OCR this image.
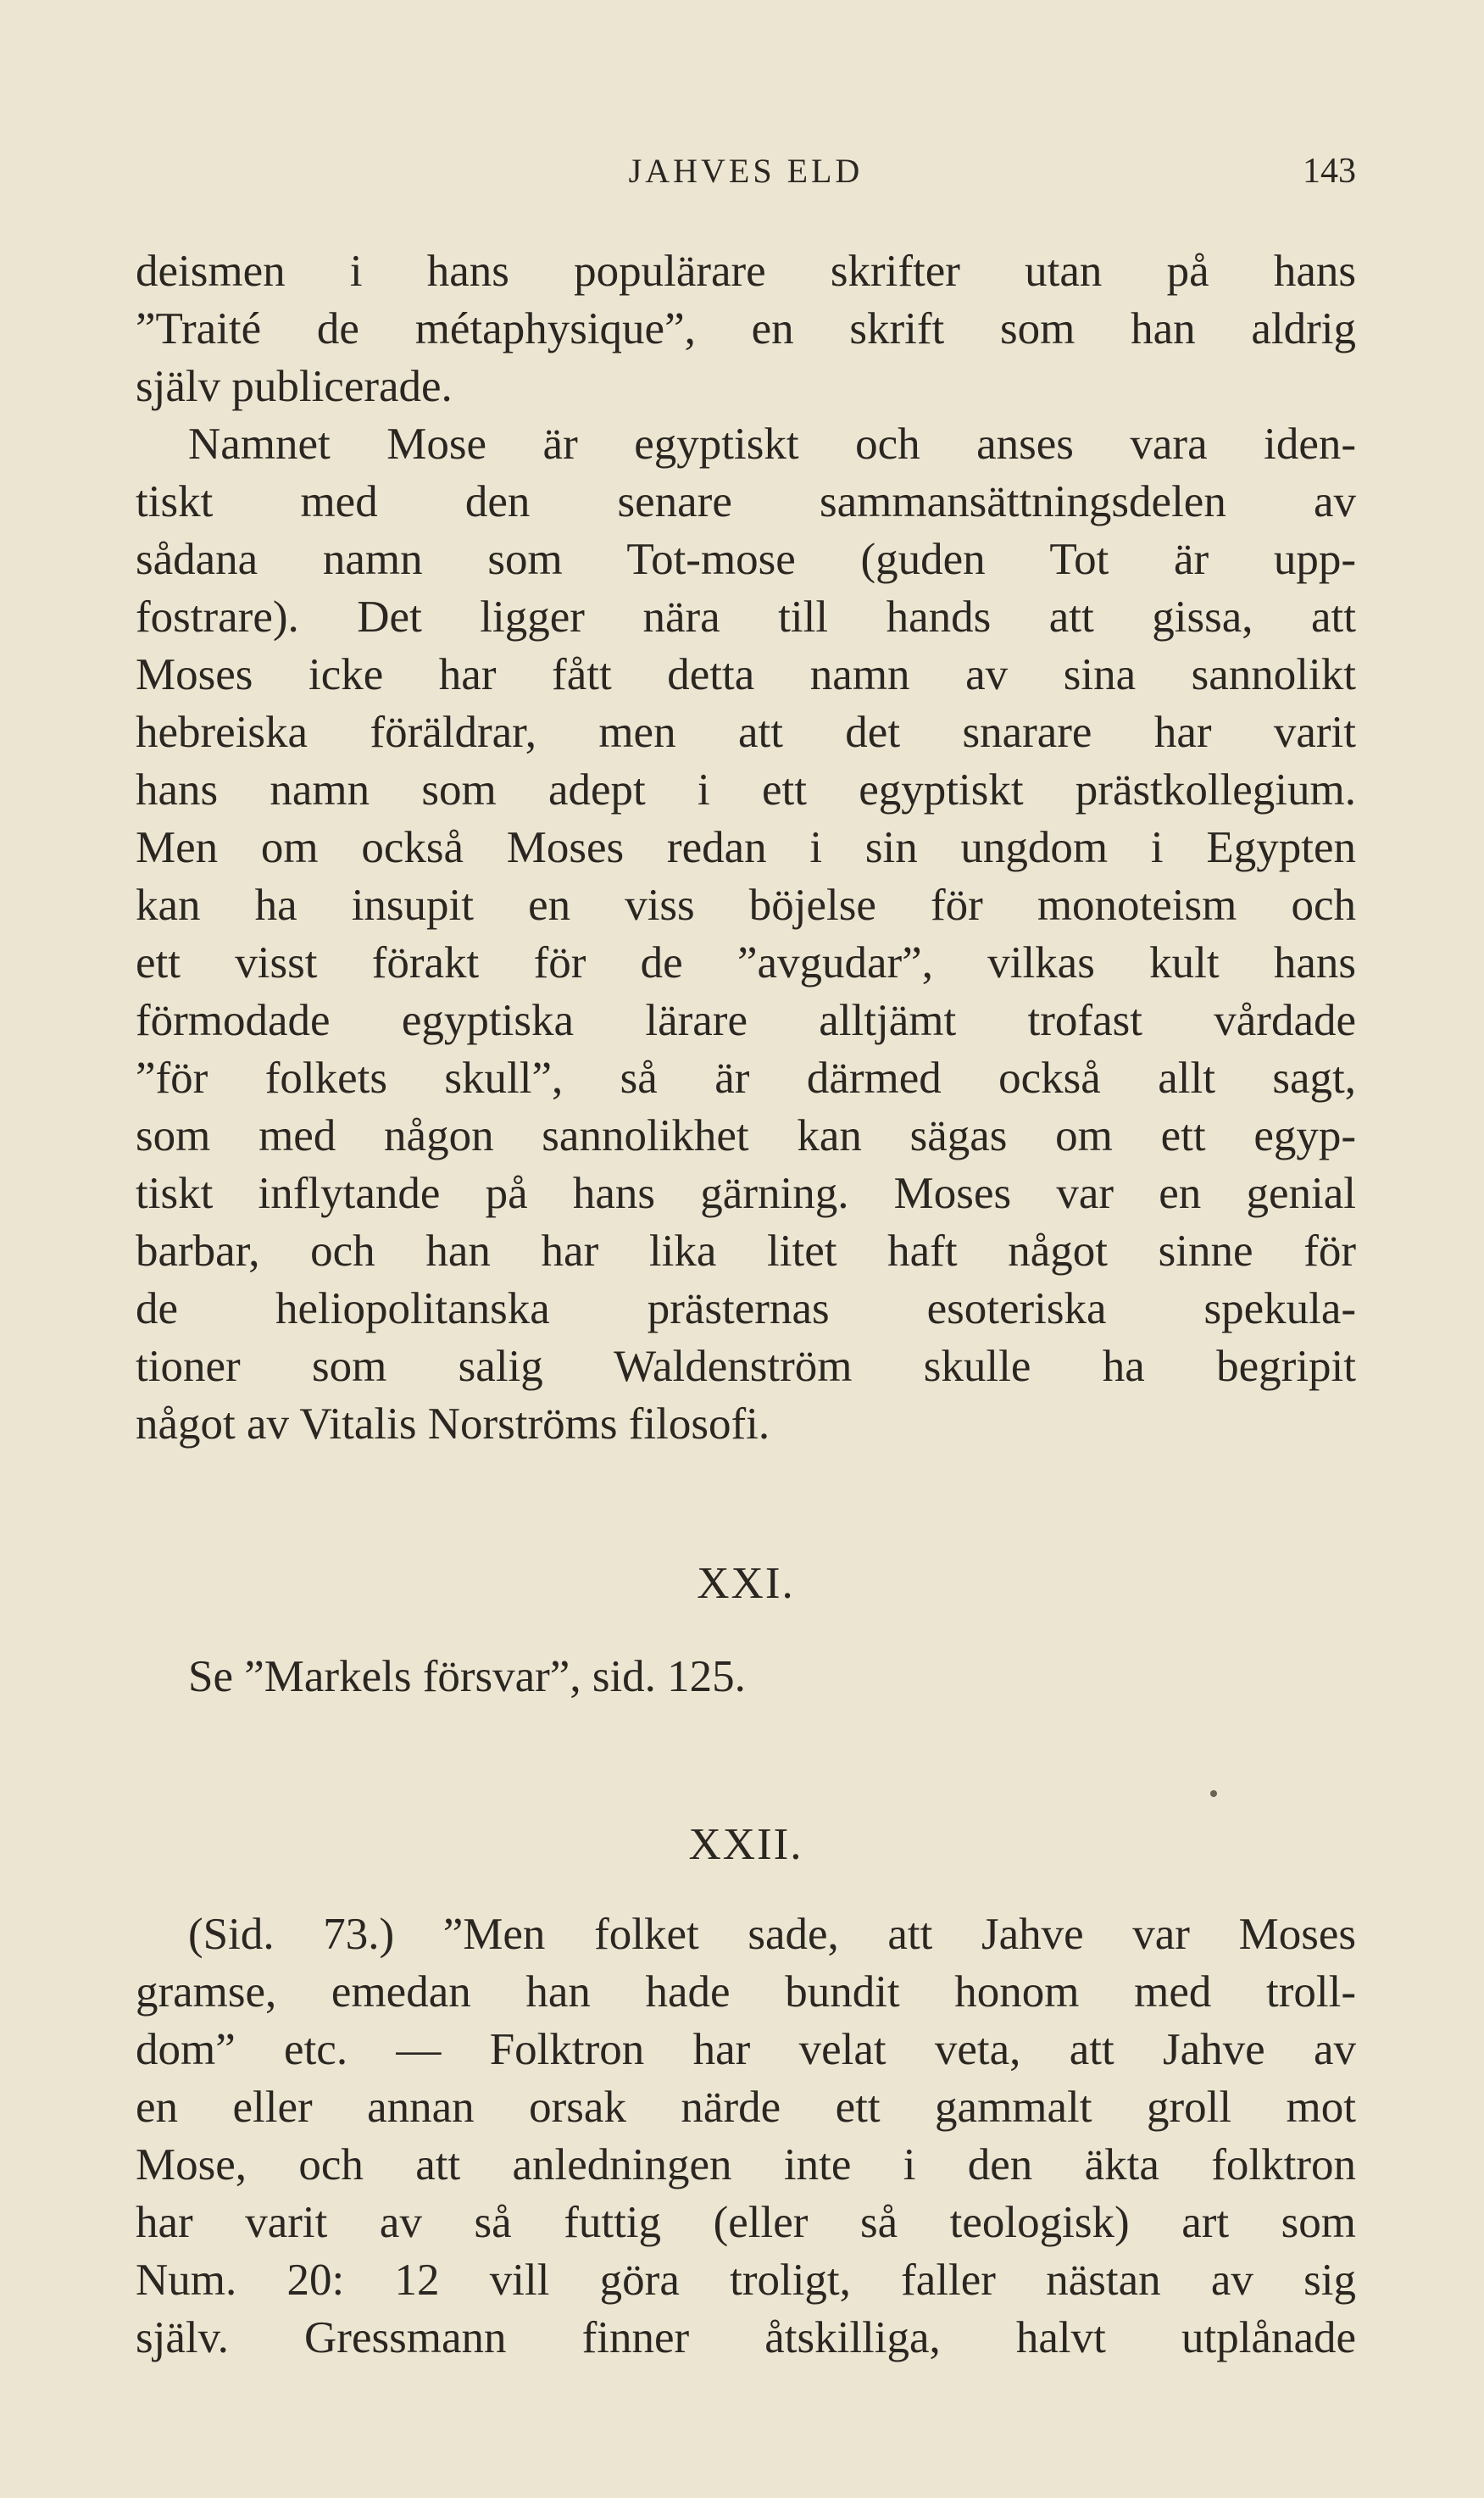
JAHVES ELD	143
deismen i hans populärare skrifter utan på hans
”Traité de métaphysique”, en skrift som han aldrig
själv publicerade.
Namnet Mose är egyptiskt och anses vara iden-
tiskt med den senare sammansättningsdelen av
sådana namn som Tot-mose (guden Tot är upp-
fostrare). Det ligger nära till hands att gissa, att
Moses icke har fått detta namn av sina sannolikt
hebreiska föräldrar, men att det snarare har varit
hans namn som adept i ett egyptiskt prästkollegium.
Men om också Moses redan i sin ungdom i Egypten
kan ha insupit en viss böjelse för monoteism och
ett visst förakt för de ”avgudar”, vilkas kult hans
förmodade egyptiska lärare alltjämt trofast vårdade
”för folkets skull”, så är därmed också allt sagt,
som med någon sannolikhet kan sägas om ett egyp-
tiskt inflytande på hans gärning. Moses var en genial
barbar, och han har lika litet haft något sinne för
de heliopolitanska prästernas esoteriska spekula-
tioner som salig Waldenström skulle ha begripit
något av Vitalis Norströms filosofi.
XXI.
Se ”Markels försvar”, sid. 125.
XXII.
(Sid. 73.) ”Men folket sade, att Jahve var Moses
gramse, emedan han hade bundit honom med troll-
dom” etc. — Folktron har velat veta, att Jahve av
en eller annan orsak närde ett gammalt groll mot
Mose, och att anledningen inte i den äkta folktron
har varit av så futtig (eller så teologisk) art som
Num. 20: 12 vill göra troligt, faller nästan av sig
själv. Gressmann finner åtskilliga, halvt utplånade
